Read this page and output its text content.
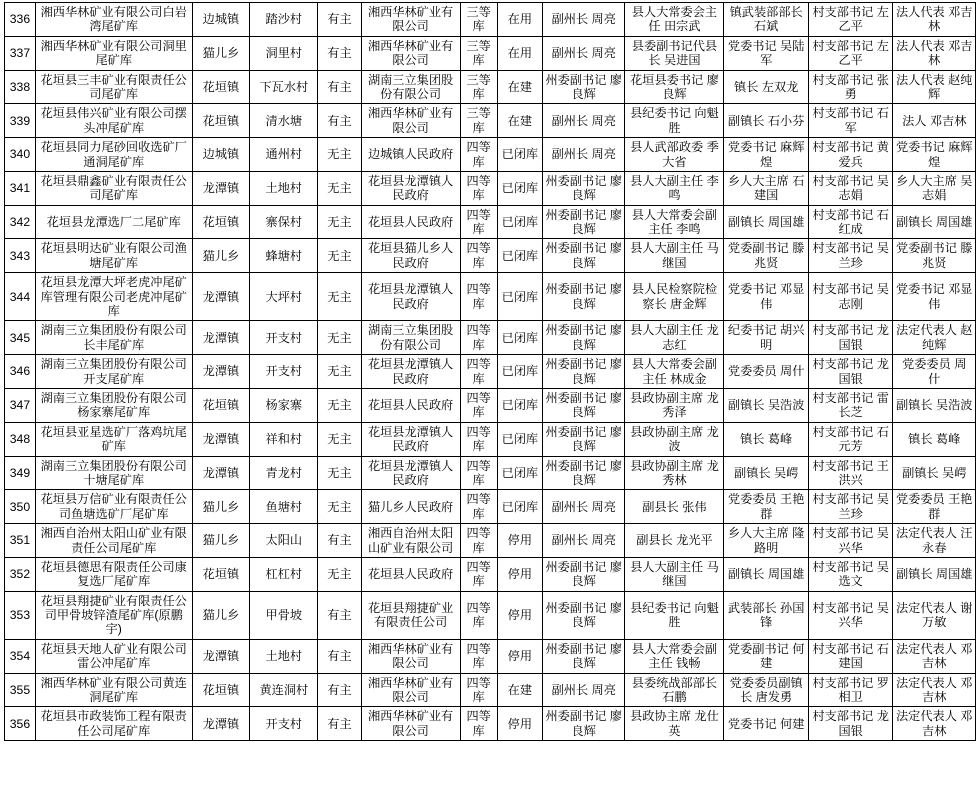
336	湘西华林矿业有限公司白岩湾尾矿库	边城镇	踏沙村	有主	湘西华林矿业有限公司	三等库	在用	副州长 周亮	县人大常委会主任 田宗武	镇武装部部长 石斌	村支部书记 左乙平	法人代表 邓吉林
337	湘西华林矿业有限公司洞里尾矿库	猫儿乡	洞里村	有主	湘西华林矿业有限公司	三等库	在用	副州长 周亮	县委副书记代县长 吴进国	党委书记 吴陆军	村支部书记 左乙平	法人代表 邓吉林
338	花垣县三丰矿业有限责任公司尾矿库	花垣镇	下瓦水村	有主	湖南三立集团股份有限公司	三等库	在建	州委副书记 廖良辉	花垣县委书记 廖良辉	镇长 左双龙	村支部书记 张勇	法人代表 赵纯辉
339	花垣县伟兴矿业有限公司摆头冲尾矿库	花垣镇	清水塘	有主	湘西华林矿业有限公司	三等库	在建	副州长 周亮	县纪委书记 向魁胜	副镇长 石小芬	村支部书记 石军	法人 邓吉林
340	花垣县同力尾砂回收选矿厂通洞尾矿库	边城镇	通州村	无主	边城镇人民政府	四等库	已闭库	副州长 周亮	县人武部政委 季大省	党委书记 麻辉煌	村支部书记 黄爱兵	党委书记 麻辉煌
341	花垣县鼎鑫矿业有限责任公司尾矿库	龙潭镇	土地村	无主	花垣县龙潭镇人民政府	四等库	已闭库	州委副书记 廖良辉	县人大副主任 李鸣	乡人大主席 石建国	村支部书记 吴志娟	乡人大主席 吴志娟
342	花垣县龙潭选厂二尾矿库	花垣镇	寨保村	无主	花垣县人民政府	四等库	已闭库	州委副书记 廖良辉	县人大常委会副主任 李鸣	副镇长 周国雄	村支部书记 石红成	副镇长 周国雄
343	花垣县明达矿业有限公司渔塘尾矿库	猫儿乡	蜂塘村	无主	花垣县猫儿乡人民政府	四等库	已闭库	州委副书记 廖良辉	县人大副主任 马继国	党委副书记 滕兆贤	村支部书记 吴兰珍	党委副书记 滕兆贤
344	花垣县龙潭大坪老虎冲尾矿库管理有限公司老虎冲尾矿库	龙潭镇	大坪村	无主	花垣县龙潭镇人民政府	四等库	已闭库	州委副书记 廖良辉	县人民检察院检察长 唐金辉	党委书记 邓显伟	村支部书记 吴志刚	党委书记 邓显伟
345	湖南三立集团股份有限公司长丰尾矿库	龙潭镇	开支村	无主	湖南三立集团股份有限公司	四等库	已闭库	州委副书记 廖良辉	县人大副主任 龙志红	纪委书记 胡兴明	村支部书记 龙国银	法定代表人 赵纯辉
346	湖南三立集团股份有限公司开支尾矿库	龙潭镇	开支村	无主	花垣县龙潭镇人民政府	四等库	已闭库	州委副书记 廖良辉	县人大常委会副主任 林成金	党委委员 周什	村支部书记 龙国银	党委委员 周 什
347	湖南三立集团股份有限公司杨家寨尾矿库	花垣镇	杨家寨	无主	花垣县人民政府	四等库	已闭库	州委副书记 廖良辉	县政协副主席 龙秀泽	副镇长 吴浩波	村支部书记 雷长芝	副镇长 吴浩波
348	花垣县亚星选矿厂落鸡坑尾矿库	龙潭镇	祥和村	无主	花垣县龙潭镇人民政府	四等库	已闭库	州委副书记 廖良辉	县政协副主席 龙波	镇长 葛峰	村支部书记 石元芳	镇长 葛峰
349	湖南三立集团股份有限公司十塘尾矿库	龙潭镇	青龙村	无主	花垣县龙潭镇人民政府	四等库	已闭库	州委副书记 廖良辉	县政协副主席 龙秀林	副镇长 吴崿	村支部书记 王洪兴	副镇长 吴崿
350	花垣县万信矿业有限责任公司鱼塘选矿厂尾矿库	猫儿乡	鱼塘村	无主	猫儿乡人民政府	四等库	已闭库	副州长 周亮	副县长 张伟	党委委员 王艳群	村支部书记 吴兰珍	党委委员 王艳群
351	湘西自治州太阳山矿业有限责任公司尾矿库	猫儿乡	太阳山	有主	湘西自治州太阳山矿业有限公司	四等库	停用	副州长 周亮	副县长 龙光平	乡人大主席 隆路明	村支部书记 吴兴华	法定代表人 汪永春
352	花垣县德思有限责任公司康复选厂尾矿库	花垣镇	杠杠村	无主	花垣县人民政府	四等库	停用	州委副书记 廖良辉	县人大副主任 马继国	副镇长 周国雄	村支部书记 吴选文	副镇长 周国雄
353	花垣县翔捷矿业有限责任公司甲骨坡锌渣尾矿库(原鹏宇)	猫儿乡	甲骨坡	有主	花垣县翔捷矿业有限责任公司	四等库	停用	州委副书记 廖良辉	县纪委书记 向魁胜	武装部长 孙国锋	村支部书记 吴兴华	法定代表人 谢万敏
354	花垣县天地人矿业有限公司雷公冲尾矿库	龙潭镇	土地村	有主	湘西华林矿业有限公司	四等库	停用	州委副书记 廖良辉	县人大常委会副主任 钱畅	党委副书记 何建	村支部书记 石建国	法定代表人 邓吉林
355	湘西华林矿业有限公司黄连洞尾矿库	花垣镇	黄连洞村	有主	湘西华林矿业有限公司	四等库	在建	副州长 周亮	县委统战部部长 石鹏	党委委员副镇长 唐发勇	村支部书记 罗相卫	法定代表人 邓吉林
356	花垣县市政装饰工程有限责任公司尾矿库	龙潭镇	开支村	有主	湘西华林矿业有限公司	四等库	停用	州委副书记 廖良辉	县政协主席 龙仕英	党委书记 何建	村支部书记 龙国银	法定代表人 邓吉林
